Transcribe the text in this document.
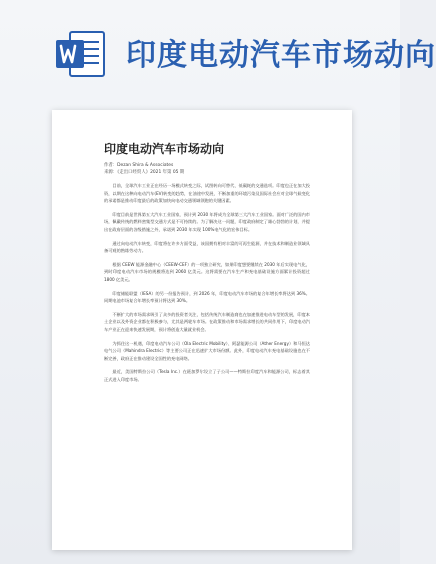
印度电动汽车市场动向
印度电动汽车市场动向
作者：Dezan Shira & Associates
来源：《走出口经贸人》2021 年第 05 期

目前，全球汽车工业正在经历一场模式转变之际，试图转向可替代、低碳耗的交通选项。印度也正在加大投资，以期在这种向电动汽车(EV)转变的趋势，在油途中发展，不断加重的环境污染及国际社会应对全球气候变化的承诺都是推动印度最后的政策加快向电动交通领域领跑的关键因素。

印度目前是世界第五大汽车工业国家，预计到 2030 年将成为全球第三大汽车工业国家。面对广泛的国内市场，佩戴传统的燃料密集型交通方式是不可持续的。为了解决这一问题，印度政府制定了雄心勃勃的计划，并提出在政府层面的各级措施之外，承诺到 2030 年实现 100%电气化的宏伟目标。

通过向电动汽车转变，印度将在许多方面受益，该国拥有相对丰富的可再生能源，并在技术和制造业领域具备可观的熟练劳动力。

根据 CEEW 能源金融中心（CEEW-CEF）的一项独立研究，如果印度想要继续在 2030 年后实现电气化，到时印度电动汽车市场的规模将达到 2060 亿美元。这将需要在汽车生产和充电基础设施方面累计投资超过 1800 亿美元。

印度储能联盟（IESA）的另一份报告预计，到 2026 年，印度电动汽车市场的复合年增长率将达到 36%。同期电池市场复合年增长率预计将达到 30%。

不断扩大的市场需求吸引了众多的投资者关注，包括传统汽车制造商也在加速推进电动车型的发展，印度本土企业以及外资企业都在积极参与，尤其是两轮车市场。在政策推动和市场需求增长的共同作用下，印度电动汽车产业正在迎来快速发展期，预计将创造大量就业机会。

为抓住这一机遇，印度电动汽车公司（Ola Electric Mobility）、阿瑟能源公司（Ather Energy）和马恒达电气公司（Mahindra Electric）等主要公司正在迅速扩大市场份额。此外，印度电动汽车充电基础设施也在不断完善，政府正在推动建设全国性的充电网络。

最近，美国特斯拉公司（Tesla Inc.）在班加罗尔设立了子公司——特斯拉印度汽车和能源公司，标志着其正式进入印度市场。
